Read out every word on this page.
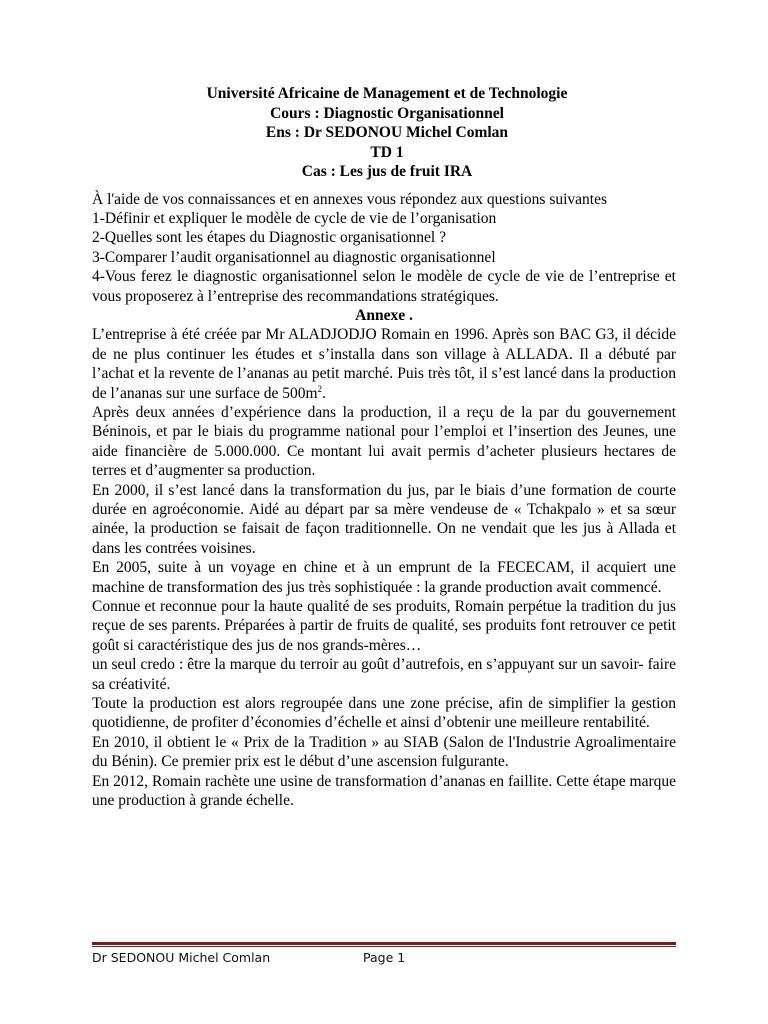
Université Africaine de Management et de Technologie
Cours : Diagnostic Organisationnel
Ens : Dr SEDONOU Michel Comlan
TD 1
Cas : Les jus de fruit IRA

À l'aide de vos connaissances et en annexes vous répondez aux questions suivantes

1-Définir et expliquer le modèle de cycle de vie de l’organisation

2-Quelles sont les étapes du Diagnostic organisationnel ?

3-Comparer l’audit organisationnel au diagnostic organisationnel

4-Vous ferez le diagnostic organisationnel selon le modèle de cycle de vie de l’entreprise et vous proposerez à l’entreprise des recommandations stratégiques.

Annexe .

L’entreprise à été créée par Mr ALADJODJO Romain en 1996. Après son BAC G3, il décide de ne plus continuer les études et s’installa dans son village à ALLADA. Il a débuté par l’achat et la revente de l’ananas au petit marché. Puis très tôt, il s’est lancé dans la production de l’ananas sur une surface de $500m^2$.

Après deux années d’expérience dans la production, il a reçu de la par du gouvernement Béninois, et par le biais du programme national pour l’emploi et l’insertion des Jeunes, une aide financière de 5.000.000. Ce montant lui avait permis d’acheter plusieurs hectares de terres et d’augmenter sa production.

En 2000, il s’est lancé dans la transformation du jus, par le biais d’une formation de courte durée en agroéconomie. Aidé au départ par sa mère vendeuse de « Tchakpalo » et sa sœur ainée, la production se faisait de façon traditionnelle. On ne vendait que les jus à Allada et dans les contrées voisines.

En 2005, suite à un voyage en chine et à un emprunt de la FECECAM, il acquiert une machine de transformation des jus très sophistiquée : la grande production avait commencé.

Connue et reconnue pour la haute qualité de ses produits, Romain perpétue la tradition du jus reçue de ses parents. Préparées à partir de fruits de qualité, ses produits font retrouver ce petit goût si caractéristique des jus de nos grands-mères…

un seul credo : être la marque du terroir au goût d’autrefois, en s’appuyant sur un savoir- faire sa créativité.

Toute la production est alors regroupée dans une zone précise, afin de simplifier la gestion quotidienne, de profiter d’économies d’échelle et ainsi d’obtenir une meilleure rentabilité.

En 2010, il obtient le « Prix de la Tradition » au SIAB (Salon de l'Industrie Agroalimentaire du Bénin). Ce premier prix est le début d’une ascension fulgurante.

En 2012, Romain rachète une usine de transformation d’ananas en faillite. Cette étape marque une production à grande échelle.

Dr SEDONOU Michel Comlan	Page 1
